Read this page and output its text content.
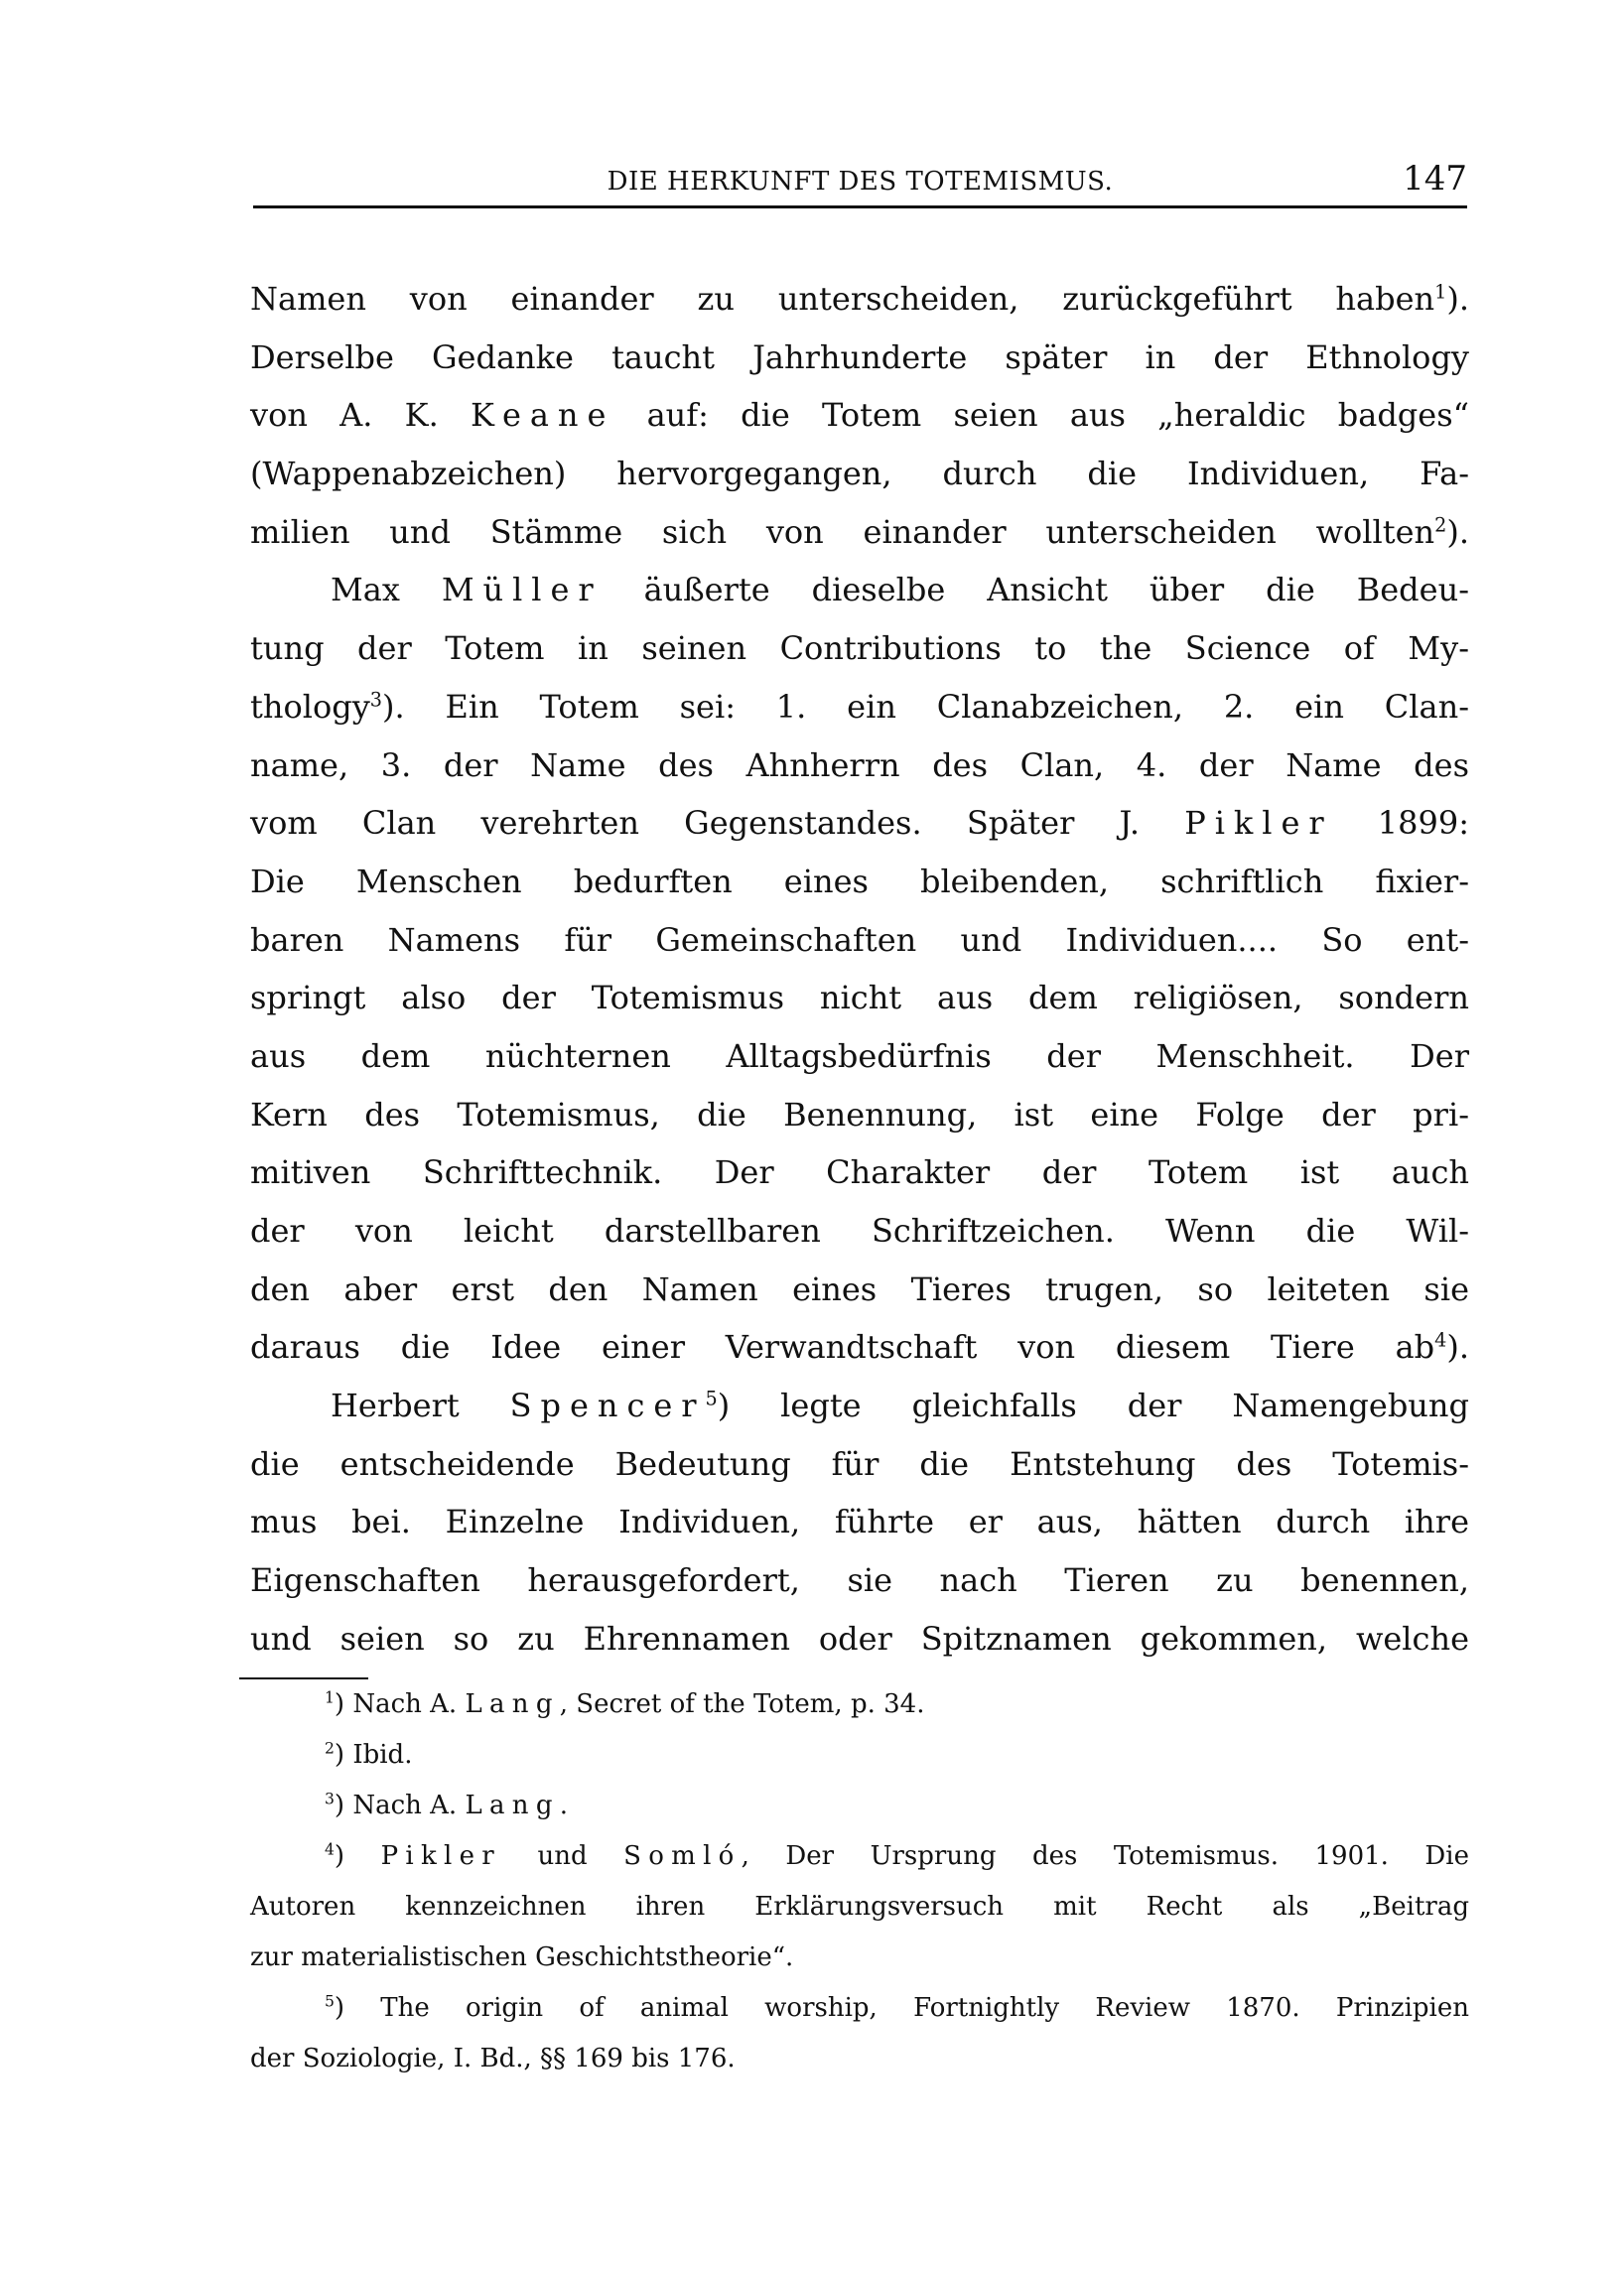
DIE HERKUNFT DES TOTEMISMUS.	147
Namen von einander zu unterscheiden, zurückgeführt haben$^1$).
Derselbe Gedanke taucht Jahrhunderte später in der Ethnology
von A. K. Keane auf: die Totem seien aus „heraldic badges“
(Wappenabzeichen) hervorgegangen, durch die Individuen, Fa-
milien und Stämme sich von einander unterscheiden wollten$^2$).
Max Müller äußerte dieselbe Ansicht über die Bedeu-
tung der Totem in seinen Contributions to the Science of My-
thology$^3$). Ein Totem sei: 1. ein Clanabzeichen, 2. ein Clan-
name, 3. der Name des Ahnherrn des Clan, 4. der Name des
vom Clan verehrten Gegenstandes. Später J. Pikler 1899:
Die Menschen bedurften eines bleibenden, schriftlich fixier-
baren Namens für Gemeinschaften und Individuen.... So ent-
springt also der Totemismus nicht aus dem religiösen, sondern
aus dem nüchternen Alltagsbedürfnis der Menschheit. Der
Kern des Totemismus, die Benennung, ist eine Folge der pri-
mitiven Schrifttechnik. Der Charakter der Totem ist auch
der von leicht darstellbaren Schriftzeichen. Wenn die Wil-
den aber erst den Namen eines Tieres trugen, so leiteten sie
daraus die Idee einer Verwandtschaft von diesem Tiere $ab^4$).
Herbert Spencer$^5$) legte gleichfalls der Namengebung
die entscheidende Bedeutung für die Entstehung des Totemis-
mus bei. Einzelne Individuen, führte er aus, hätten durch ihre
Eigenschaften herausgefordert, sie nach Tieren zu benennen,
und seien so zu Ehrennamen oder Spitznamen gekommen, welche
$^1$) Nach A. Lang, Secret of the Totem, p. 34.
$^2$) Ibid.
$^3$) Nach A. Lang.
$^4$) Pikler und Somló, Der Ursprung des Totemismus. 1901. Die
Autoren kennzeichnen ihren Erklärungsversuch mit Recht als „Beitrag
zur materialistischen Geschichtstheorie“.
$^5$) The origin of animal worship, Fortnightly Review 1870. Prinzipien
der Soziologie, I. Bd., §§ 169 bis 176.
